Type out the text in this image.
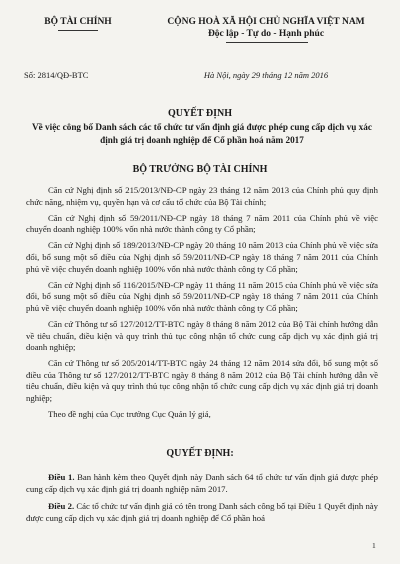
BỘ TÀI CHÍNH
Số: 2814/QĐ-BTC
CỘNG HOÀ XÃ HỘI CHỦ NGHĨA VIỆT NAM
Độc lập - Tự do - Hạnh phúc
Hà Nội, ngày 29 tháng 12 năm 2016
QUYẾT ĐỊNH
Về việc công bố Danh sách các tổ chức tư vấn định giá được phép cung cấp dịch vụ xác định giá trị doanh nghiệp để Cổ phần hoá năm 2017
BỘ TRƯỞNG BỘ TÀI CHÍNH

Căn cứ Nghị định số 215/2013/NĐ-CP ngày 23 tháng 12 năm 2013 của Chính phủ quy định chức năng, nhiệm vụ, quyền hạn và cơ cấu tổ chức của Bộ Tài chính;

Căn cứ Nghị định số 59/2011/NĐ-CP ngày 18 tháng 7 năm 2011 của Chính phủ về việc chuyển doanh nghiệp 100% vốn nhà nước thành công ty Cổ phần;

Căn cứ Nghị định số 189/2013/NĐ-CP ngày 20 tháng 10 năm 2013 của Chính phủ về việc sửa đổi, bổ sung một số điều của Nghị định số 59/2011/NĐ-CP ngày 18 tháng 7 năm 2011 của Chính phủ về việc chuyển doanh nghiệp 100% vốn nhà nước thành công ty Cổ phần;

Căn cứ Nghị định số 116/2015/NĐ-CP ngày 11 tháng 11 năm 2015 của Chính phủ về việc sửa đổi, bổ sung một số điều của Nghị định số 59/2011/NĐ-CP ngày 18 tháng 7 năm 2011 của Chính phủ về việc chuyển doanh nghiệp 100% vốn nhà nước thành công ty Cổ phần;

Căn cứ Thông tư số 127/2012/TT-BTC ngày 8 tháng 8 năm 2012 của Bộ Tài chính hướng dẫn về tiêu chuẩn, điều kiện và quy trình thủ tục công nhận tổ chức cung cấp dịch vụ xác định giá trị doanh nghiệp;

Căn cứ Thông tư số 205/2014/TT-BTC ngày 24 tháng 12 năm 2014 sửa đổi, bổ sung một số điều của Thông tư số 127/2012/TT-BTC ngày 8 tháng 8 năm 2012 của Bộ Tài chính hướng dẫn về tiêu chuẩn, điều kiện và quy trình thủ tục công nhận tổ chức cung cấp dịch vụ xác định giá trị doanh nghiệp;

Theo đề nghị của Cục trưởng Cục Quản lý giá,

QUYẾT ĐỊNH:

Điều 1. Ban hành kèm theo Quyết định này Danh sách 64 tổ chức tư vấn định giá được phép cung cấp dịch vụ xác định giá trị doanh nghiệp năm 2017.

Điều 2. Các tổ chức tư vấn định giá có tên trong Danh sách công bố tại Điều 1 Quyết định này được cung cấp dịch vụ xác định giá trị doanh nghiệp để Cổ phần hoá

1
